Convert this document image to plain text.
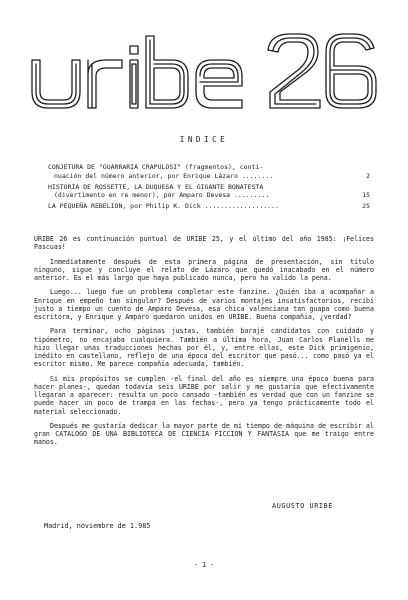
INDICE
CONJETURA DE "GUARRARIA CRAPULOSI" (fragmentos), conti-
nuación del número anterior, por Enrique Lázaro ........	2
HISTORIA DE ROSSETTE, LA DUQUESA Y EL GIGANTE BONATESTA
(divertimento en re menor), por Amparo Devesa .........	15
LA PEQUEÑA REBELION, por Philip K. Dick ...................	25

URIBE 26 es continuación puntual de URIBE 25, y el último del año 1985: ¡Felices Pascuas!

Inmediatamente después de esta primera página de presentación, sin título ninguno, sigue y concluye el relato de Lázaro que quedó inacabado en el número anterior. Es el más largo que haya publicado nunca, pero ha valido la pena.

Luego... luego fue un problema completar este fanzine. ¿Quién iba a acompañar a Enrique en empeño tan singular? Después de varios montajes insatisfactorios, recibí justo a tiempo un cuento de Amparo Devesa, esa chica valenciana tan guapa como buena escritora, y Enrique y Amparo quedaron unidos en URIBE. Buena compañía, ¿verdad?

Para terminar, ocho páginas justas, también barajé candidatos con cuidado y tipómetro, no encajaba cualquiera. También a última hora, Juan Carlos Planells me hizo llegar unas traducciones hechas por él, y, entre ellas, este Dick primigenio, inédito en castellano, reflejo de una época del escritor que pasó... como pasó ya el escritor mismo. Me parece compañía adecuada, también.

Si mis propósitos se cumplen -el final del año es siempre una época buena para hacer planes-, quedan todavía seis URIBE por salir y me gustaría que efectivamente llegaran a aparecer: resulta un poco cansado -también es verdad que con un fanzine se puede hacer un poco de trampa en las fechas-, pero ya tengo prácticamente todo el material seleccionado.

Después me gustaría dedicar la mayor parte de mi tiempo de máquina de escribir al gran CATALOGO DE UNA BIBLIOTECA DE CIENCIA FICCION Y FANTASIA que me traigo entre manos.

AUGUSTO URIBE
Madrid, noviembre de 1.985
- 1 -
